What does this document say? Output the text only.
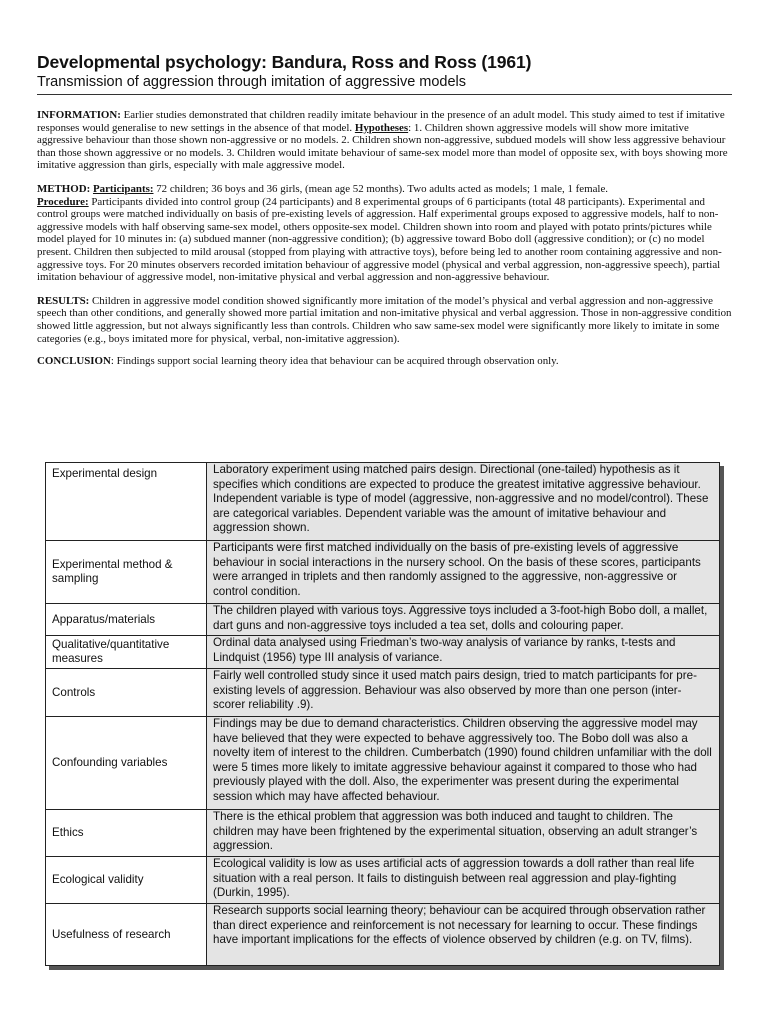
Developmental psychology: Bandura, Ross and Ross (1961)
Transmission of aggression through imitation of aggressive models

INFORMATION: Earlier studies demonstrated that children readily imitate behaviour in the presence of an adult model. This study aimed to test if imitative responses would generalise to new settings in the absence of that model. Hypotheses: 1. Children shown aggressive models will show more imitative aggressive behaviour than those shown non-aggressive or no models. 2. Children shown non-aggressive, subdued models will show less aggressive behaviour than those shown aggressive or no models. 3. Children would imitate behaviour of same-sex model more than model of opposite sex, with boys showing more imitative aggression than girls, especially with male aggressive model.

METHOD: Participants: 72 children; 36 boys and 36 girls, (mean age 52 months). Two adults acted as models; 1 male, 1 female.
Procedure: Participants divided into control group (24 participants) and 8 experimental groups of 6 participants (total 48 participants). Experimental and control groups were matched individually on basis of pre-existing levels of aggression. Half experimental groups exposed to aggressive models, half to non-aggressive models with half observing same-sex model, others opposite-sex model. Children shown into room and played with potato prints/pictures while model played for 10 minutes in: (a) subdued manner (non-aggressive condition); (b) aggressive toward Bobo doll (aggressive condition); or (c) no model present. Children then subjected to mild arousal (stopped from playing with attractive toys), before being led to another room containing aggressive and non-aggressive toys. For 20 minutes observers recorded imitation behaviour of aggressive model (physical and verbal aggression, non-aggressive speech), partial imitation behaviour of aggressive model, non-imitative physical and verbal aggression and non-aggressive behaviour.

RESULTS: Children in aggressive model condition showed significantly more imitation of the model’s physical and verbal aggression and non-aggressive speech than other conditions, and generally showed more partial imitation and non-imitative physical and verbal aggression. Those in non-aggressive condition showed little aggression, but not always significantly less than controls. Children who saw same-sex model were significantly more likely to imitate in some categories (e.g., boys imitated more for physical, verbal, non-imitative aggression).

CONCLUSION: Findings support social learning theory idea that behaviour can be acquired through observation only.

Experimental design	Laboratory experiment using matched pairs design. Directional (one-tailed) hypothesis as it specifies which conditions are expected to produce the greatest imitative aggressive behaviour. Independent variable is type of model (aggressive, non-aggressive and no model/control). These are categorical variables. Dependent variable was the amount of imitative behaviour and aggression shown.
Experimental method & sampling	Participants were first matched individually on the basis of pre-existing levels of aggressive behaviour in social interactions in the nursery school. On the basis of these scores, participants were arranged in triplets and then randomly assigned to the aggressive, non-aggressive or control condition.
Apparatus/materials	The children played with various toys. Aggressive toys included a 3-foot-high Bobo doll, a mallet, dart guns and non-aggressive toys included a tea set, dolls and colouring paper.
Qualitative/quantitative measures	Ordinal data analysed using Friedman’s two-way analysis of variance by ranks, t-tests and Lindquist (1956) type III analysis of variance.
Controls	Fairly well controlled study since it used match pairs design, tried to match participants for pre-existing levels of aggression. Behaviour was also observed by more than one person (inter-scorer reliability .9).
Confounding variables	Findings may be due to demand characteristics. Children observing the aggressive model may have believed that they were expected to behave aggressively too. The Bobo doll was also a novelty item of interest to the children. Cumberbatch (1990) found children unfamiliar with the doll were 5 times more likely to imitate aggressive behaviour against it compared to those who had previously played with the doll. Also, the experimenter was present during the experimental session which may have affected behaviour.
Ethics	There is the ethical problem that aggression was both induced and taught to children. The children may have been frightened by the experimental situation, observing an adult stranger’s aggression.
Ecological validity	Ecological validity is low as uses artificial acts of aggression towards a doll rather than real life situation with a real person. It fails to distinguish between real aggression and play-fighting (Durkin, 1995).
Usefulness of research	Research supports social learning theory; behaviour can be acquired through observation rather than direct experience and reinforcement is not necessary for learning to occur. These findings have important implications for the effects of violence observed by children (e.g. on TV, films).
